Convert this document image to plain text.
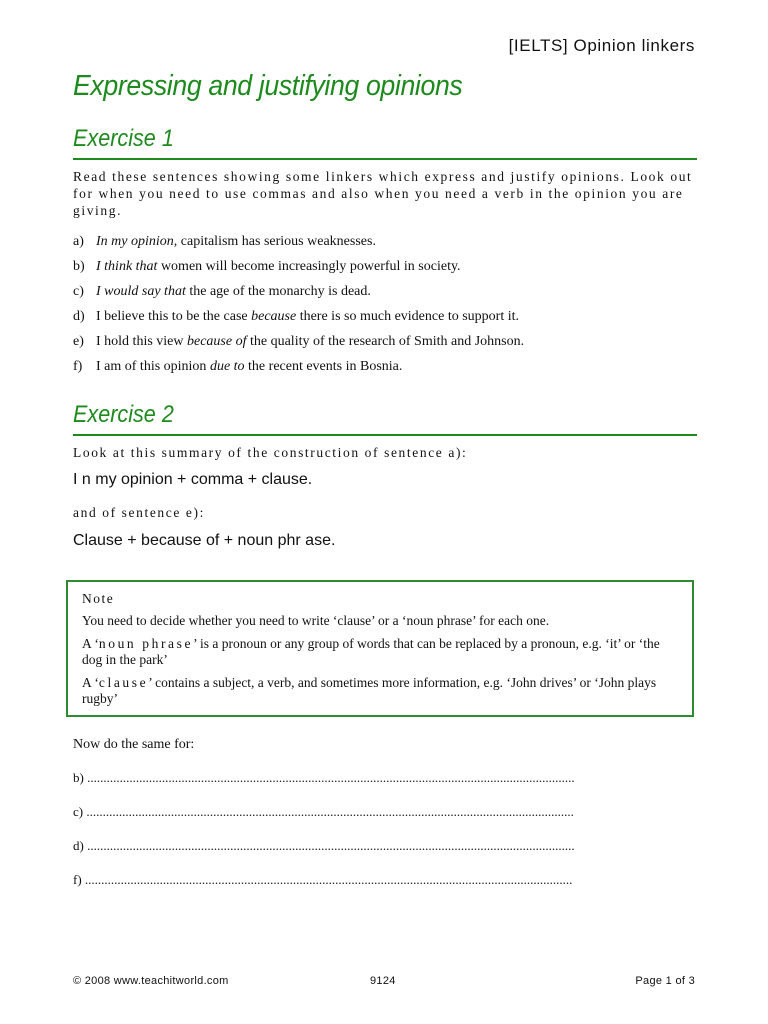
[IELTS] Opinion linkers
Expressing and justifying opinions
Exercise 1
Read these sentences showing some linkers which express and justify opinions. Look out for when you need to use commas and also when you need a verb in the opinion you are giving.
a) In my opinion, capitalism has serious weaknesses.
b) I think that women will become increasingly powerful in society.
c) I would say that the age of the monarchy is dead.
d) I believe this to be the case because there is so much evidence to support it.
e) I hold this view because of the quality of the research of Smith and Johnson.
f) I am of this opinion due to the recent events in Bosnia.
Exercise 2
Look at this summary of the construction of sentence a):
I n my opinion + comma + clause.
and of sentence e):
Clause + because of + noun phr ase.
Note

You need to decide whether you need to write ‘clause’ or a ‘noun phrase’ for each one.

A ‘noun phrase’ is a pronoun or any group of words that can be replaced by a pronoun, e.g. ‘it’ or ‘the dog in the park’

A ‘clause’ contains a subject, a verb, and sometimes more information, e.g. ‘John drives’ or ‘John plays rugby’

Now do the same for:
b) ......................................................................................................................................................
c) ......................................................................................................................................................
d) ......................................................................................................................................................
f) ......................................................................................................................................................
© 2008 www.teachitworld.com	9124	Page 1 of 3
